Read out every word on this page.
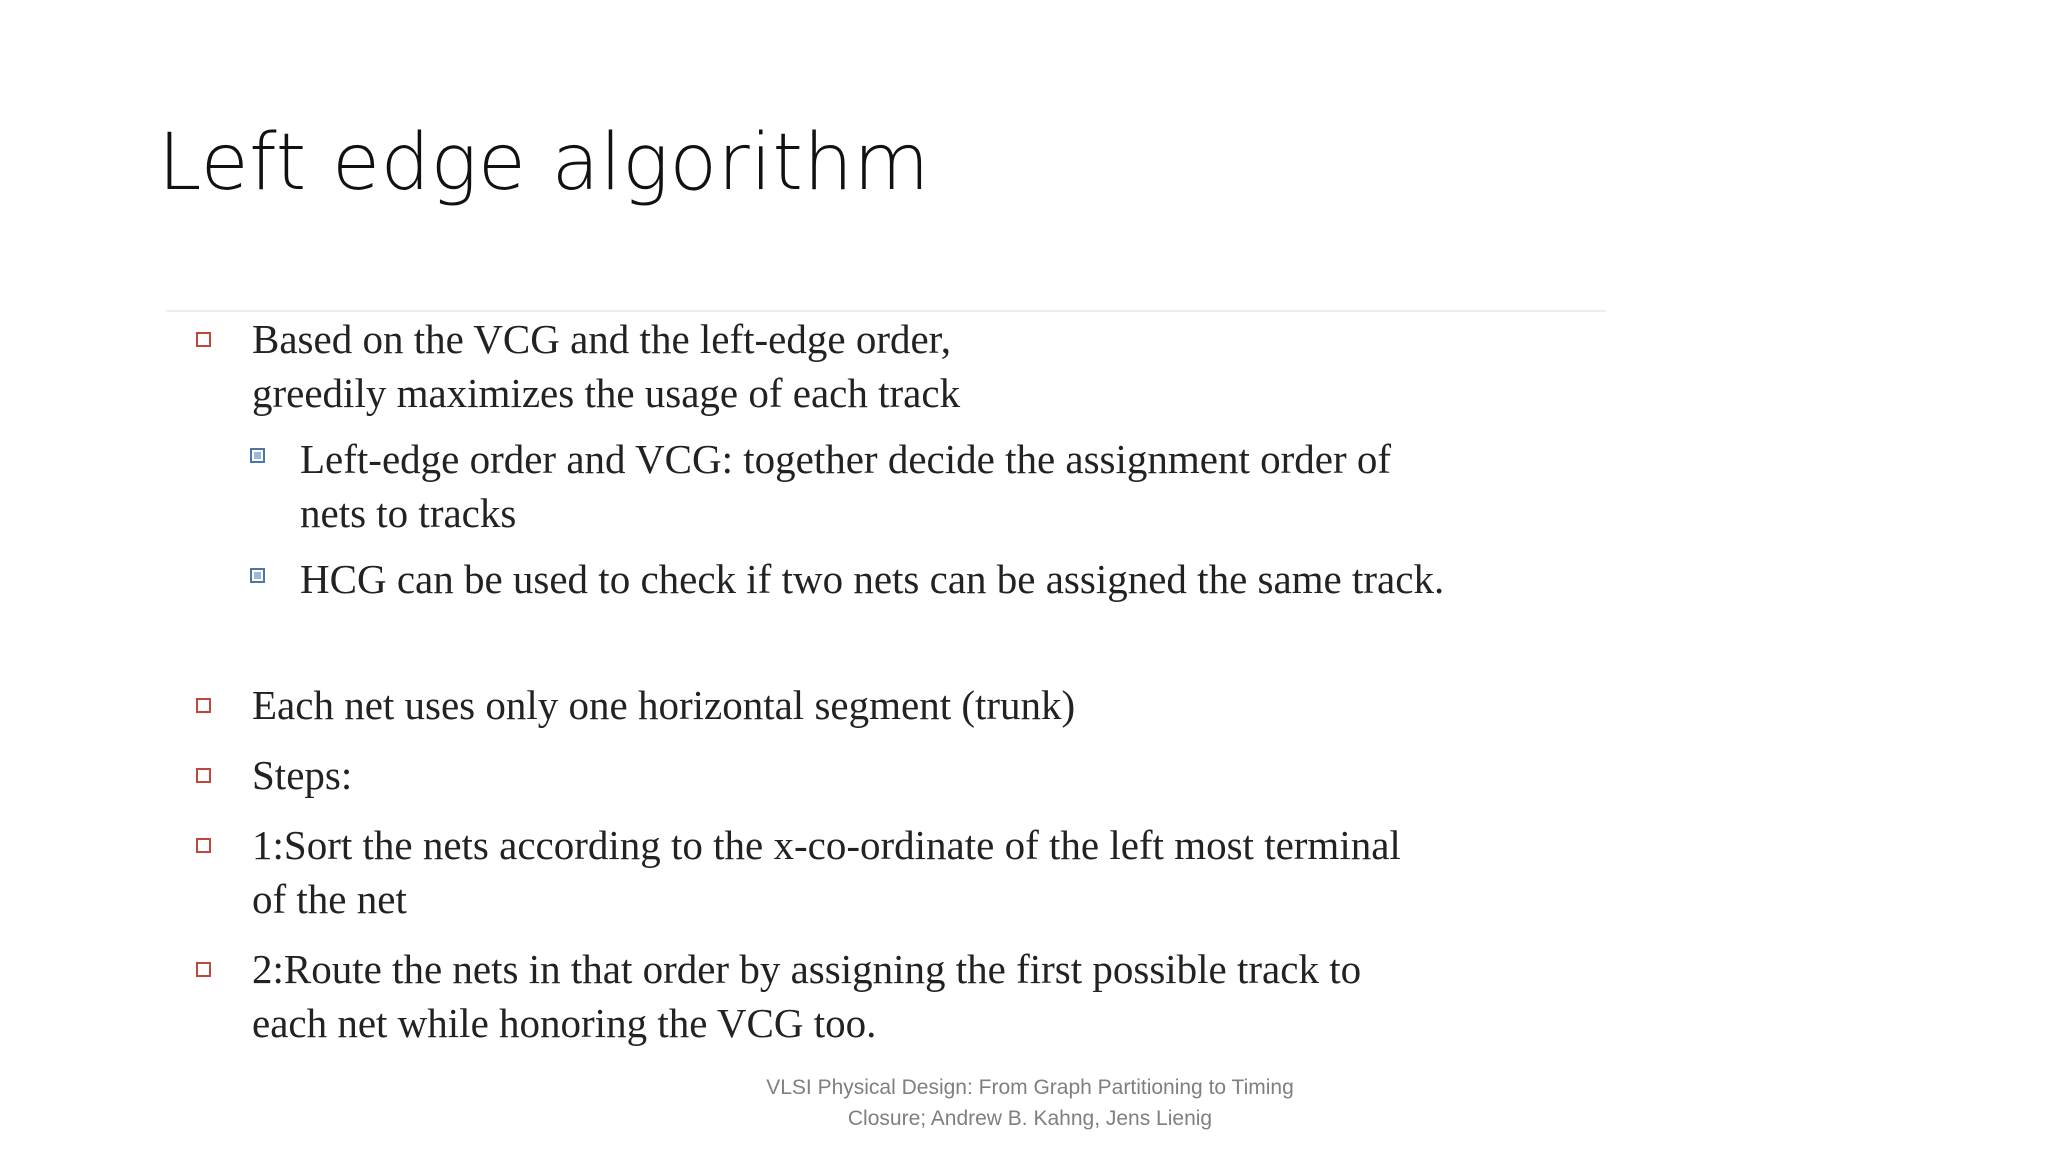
Left edge algorithm
Based on the VCG and the left-edge order,
greedily maximizes the usage of each track
Left-edge order and VCG: together decide the assignment order of
nets to tracks
HCG can be used to check if two nets can be assigned the same track.
Each net uses only one horizontal segment (trunk)
Steps:
1:Sort the nets according to the x-co-ordinate of the left most terminal
of the net
2:Route the nets in that order by assigning the first possible track to
each net while honoring the VCG too.
VLSI Physical Design: From Graph Partitioning to Timing
Closure; Andrew B. Kahng, Jens Lienig
